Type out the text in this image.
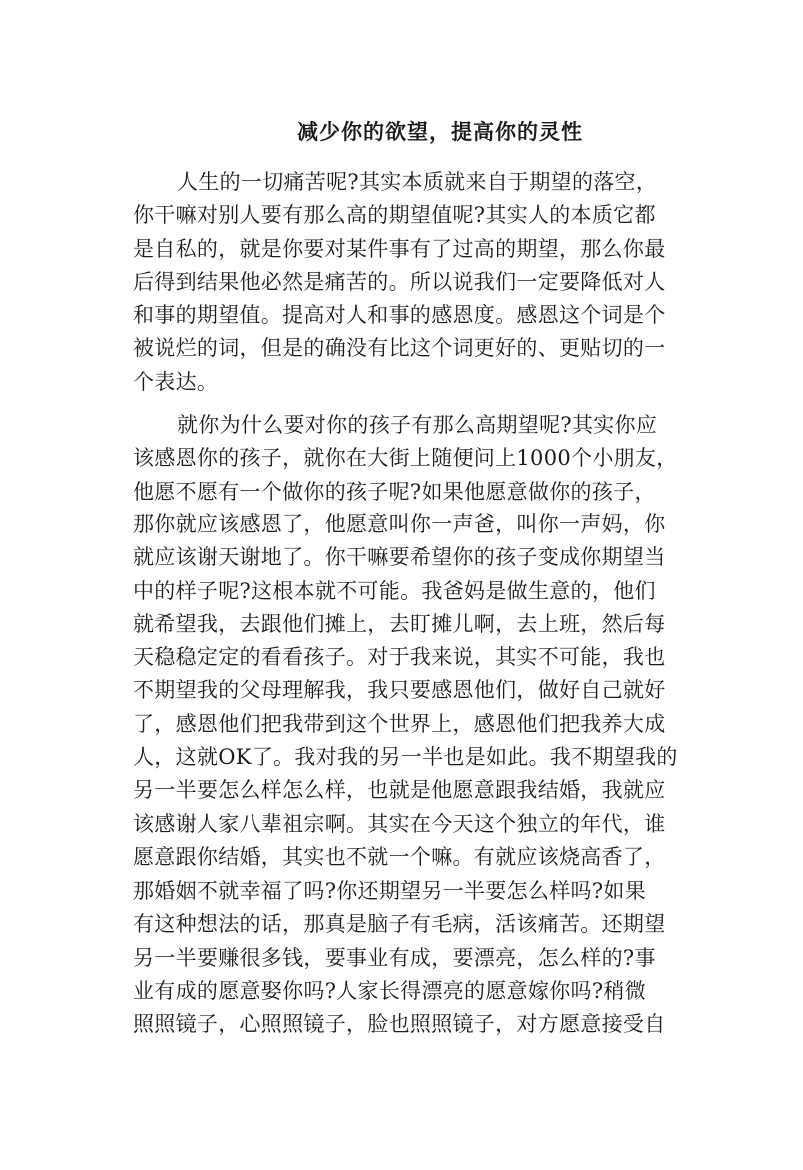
减少你的欲望，提高你的灵性
人生的一切痛苦呢?其实本质就来自于期望的落空，
你干嘛对别人要有那么高的期望值呢?其实人的本质它都
是自私的，就是你要对某件事有了过高的期望，那么你最
后得到结果他必然是痛苦的。所以说我们一定要降低对人
和事的期望值。提高对人和事的感恩度。感恩这个词是个
被说烂的词，但是的确没有比这个词更好的、更贴切的一
个表达。
就你为什么要对你的孩子有那么高期望呢?其实你应
该感恩你的孩子，就你在大街上随便问上1000个小朋友，
他愿不愿有一个做你的孩子呢?如果他愿意做你的孩子，
那你就应该感恩了，他愿意叫你一声爸，叫你一声妈，你
就应该谢天谢地了。你干嘛要希望你的孩子变成你期望当
中的样子呢?这根本就不可能。我爸妈是做生意的，他们
就希望我，去跟他们摊上，去盯摊儿啊，去上班，然后每
天稳稳定定的看看孩子。对于我来说，其实不可能，我也
不期望我的父母理解我，我只要感恩他们，做好自己就好
了，感恩他们把我带到这个世界上，感恩他们把我养大成
人，这就OK了。我对我的另一半也是如此。我不期望我的
另一半要怎么样怎么样，也就是他愿意跟我结婚，我就应
该感谢人家八辈祖宗啊。其实在今天这个独立的年代，谁
愿意跟你结婚，其实也不就一个嘛。有就应该烧高香了，
那婚姻不就幸福了吗?你还期望另一半要怎么样吗?如果
有这种想法的话，那真是脑子有毛病，活该痛苦。还期望
另一半要赚很多钱，要事业有成，要漂亮，怎么样的?事
业有成的愿意娶你吗?人家长得漂亮的愿意嫁你吗?稍微
照照镜子，心照照镜子，脸也照照镜子，对方愿意接受自
